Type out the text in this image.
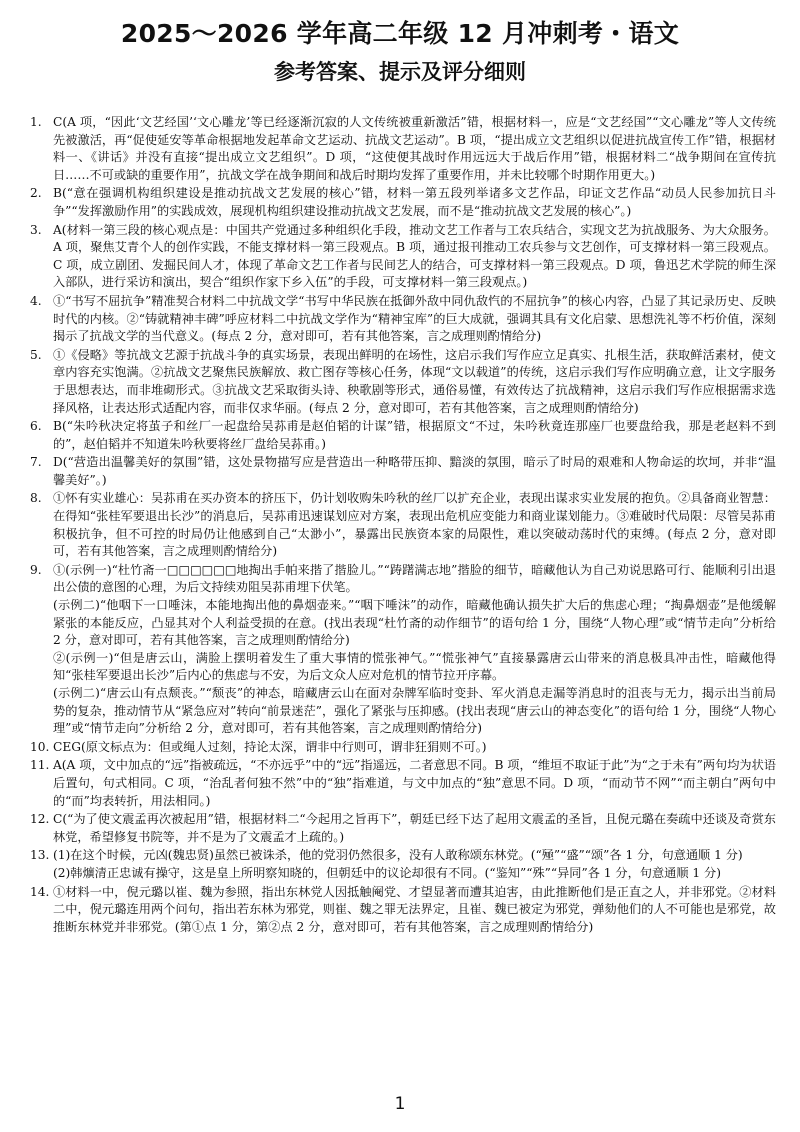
2025～2026 学年高二年级 12 月冲刺考・语文
参考答案、提示及评分细则
1. C(A 项，“因此‘文艺经国’‘文心雕龙’等已经逐渐沉寂的人文传统被重新激活”错，根据材料一，应是“文艺经国”“文心雕龙”等人文传统先被激活，再“促使延安等革命根据地发起革命文艺运动、抗战文艺运动”。B 项，“提出成立文艺组织以促进抗战宣传工作”错，根据材料一、《讲话》并没有直接“提出成立文艺组织”。D 项，“这使便其战时作用远远大于战后作用”错，根据材料二“战争期间在宣传抗日……不可或缺的重要作用”，抗战文学在战争期间和战后时期均发挥了重要作用，并未比较哪个时期作用更大。)
2. B(“意在强调机构组织建设是推动抗战文艺发展的核心”错，材料一第五段列举诸多文艺作品，印证文艺作品“动员人民参加抗日斗争”“发挥激励作用”的实践成效，展现机构组织建设推动抗战文艺发展，而不是“推动抗战文艺发展的核心”。)
3. A(材料一第三段的核心观点是：中国共产党通过多种组织化手段，推动文艺工作者与工农兵结合，实现文艺为抗战服务、为大众服务。A 项，聚焦艾青个人的创作实践，不能支撑材料一第三段观点。B 项，通过报刊推动工农兵参与文艺创作，可支撑材料一第三段观点。C 项，成立剧团、发掘民间人才，体现了革命文艺工作者与民间艺人的结合，可支撑材料一第三段观点。D 项，鲁迅艺术学院的师生深入部队，进行采访和演出，契合“组织作家下乡入伍”的手段，可支撑材料一第三段观点。)
4. ①“书写不屈抗争”精准契合材料二中抗战文学“书写中华民族在抵御外敌中同仇敌忾的不屈抗争”的核心内容，凸显了其记录历史、反映时代的内核。②“铸就精神丰碑”呼应材料二中抗战文学作为“精神宝库”的巨大成就，强调其具有文化启蒙、思想洗礼等不朽价值，深刻揭示了抗战文学的当代意义。(每点 2 分，意对即可，若有其他答案，言之成理则酌情给分)
5. ①《侵略》等抗战文艺源于抗战斗争的真实场景，表现出鲜明的在场性，这启示我们写作应立足真实、扎根生活，获取鲜活素材，使文章内容充实饱满。②抗战文艺聚焦民族解放、救亡图存等核心任务，体现“文以载道”的传统，这启示我们写作应明确立意，让文字服务于思想表达，而非堆砌形式。③抗战文艺采取街头诗、秧歌剧等形式，通俗易懂，有效传达了抗战精神，这启示我们写作应根据需求选择风格，让表达形式适配内容，而非仅求华丽。(每点 2 分，意对即可，若有其他答案，言之成理则酌情给分)
6. B(“朱吟秋决定将茧子和丝厂一起盘给吴荪甫是赵伯韬的计谋”错，根据原文“不过，朱吟秋竟连那座厂也要盘给我，那是老赵料不到的”，赵伯韬并不知道朱吟秋要将丝厂盘给吴荪甫。)
7. D(“营造出温馨美好的氛围”错，这处景物描写应是营造出一种略带压抑、黯淡的氛围，暗示了时局的艰难和人物命运的坎坷，并非“温馨美好”。)
8. ①怀有实业雄心：吴荪甫在买办资本的挤压下，仍计划收购朱吟秋的丝厂以扩充企业，表现出谋求实业发展的抱负。②具备商业智慧：在得知“张桂军要退出长沙”的消息后，吴荪甫迅速谋划应对方案，表现出危机应变能力和商业谋划能力。③难破时代局限：尽管吴荪甫积极抗争，但不可控的时局仍让他感到自己“太渺小”，暴露出民族资本家的局限性，难以突破动荡时代的束缚。(每点 2 分，意对即可，若有其他答案，言之成理则酌情给分)
9. ①(示例一)“杜竹斋一□□□□□□地掏出手帕来揩了揩脸儿。”“踌躇满志地”揩脸的细节，暗藏他认为自己劝说思路可行、能顺利引出退出公债的意图的心理，为后文持续劝阻吴荪甫埋下伏笔。
(示例二)“他咽下一口唾沫，本能地掏出他的鼻烟壶来。”“咽下唾沫”的动作，暗藏他确认损失扩大后的焦虑心理；“掏鼻烟壶”是他缓解紧张的本能反应，凸显其对个人利益受损的在意。(找出表现“杜竹斋的动作细节”的语句给 1 分，围绕“人物心理”或“情节走向”分析给 2 分，意对即可，若有其他答案，言之成理则酌情给分)
②(示例一)“但是唐云山，满脸上摆明着发生了重大事情的慌张神气。”“慌张神气”直接暴露唐云山带来的消息极具冲击性，暗藏他得知“张桂军要退出长沙”后内心的焦虑与不安，为后文众人应对危机的情节拉开序幕。
(示例二)“唐云山有点颓丧。”“颓丧”的神态，暗藏唐云山在面对杂牌军临时变卦、军火消息走漏等消息时的沮丧与无力，揭示出当前局势的复杂，推动情节从“紧急应对”转向“前景迷茫”，强化了紧张与压抑感。(找出表现“唐云山的神态变化”的语句给 1 分，围绕“人物心理”或“情节走向”分析给 2 分，意对即可，若有其他答案，言之成理则酌情给分)
10. CEG(原文标点为：但或绳人过刻，持论太深，谓非中行则可，谓非狂狷则不可。)
11. A(A 项，文中加点的“远”指被疏远，“不亦远乎”中的“远”指遥远，二者意思不同。B 项，“维垣不取证于此”为“之于未有”两句均为状语后置句，句式相同。C 项，“治乱者何独不然”中的“独”指难道，与文中加点的“独”意思不同。D 项，“而动节不网”“而主朝白”两句中的“而”均表转折，用法相同。)
12. C(“为了使文震孟再次被起用”错，根据材料二“今起用之旨再下”，朝廷已经下达了起用文震孟的圣旨，且倪元璐在奏疏中还谈及奇赏东林党，希望修复书院等，并不是为了文震孟才上疏的。)
13. (1)在这个时候，元凶(魏忠贤)虽然已被诛杀，他的党羽仍然很多，没有人敢称颂东林党。(“殛”“盛”“颂”各 1 分，句意通顺 1 分)
(2)韩爌清正忠诚有操守，这是皇上所明察知晓的，但朝廷中的议论却很有不同。(“鉴知”“殊”“异同”各 1 分，句意通顺 1 分)
14. ①材料一中，倪元璐以崔、魏为参照，指出东林党人因抵触阉党、才望显著而遭其迫害，由此推断他们是正直之人，并非邪党。②材料二中，倪元璐连用两个问句，指出若东林为邪党，则崔、魏之罪无法界定，且崔、魏已被定为邪党，弹劾他们的人不可能也是邪党，故推断东林党并非邪党。(第①点 1 分，第②点 2 分，意对即可，若有其他答案，言之成理则酌情给分)
1
